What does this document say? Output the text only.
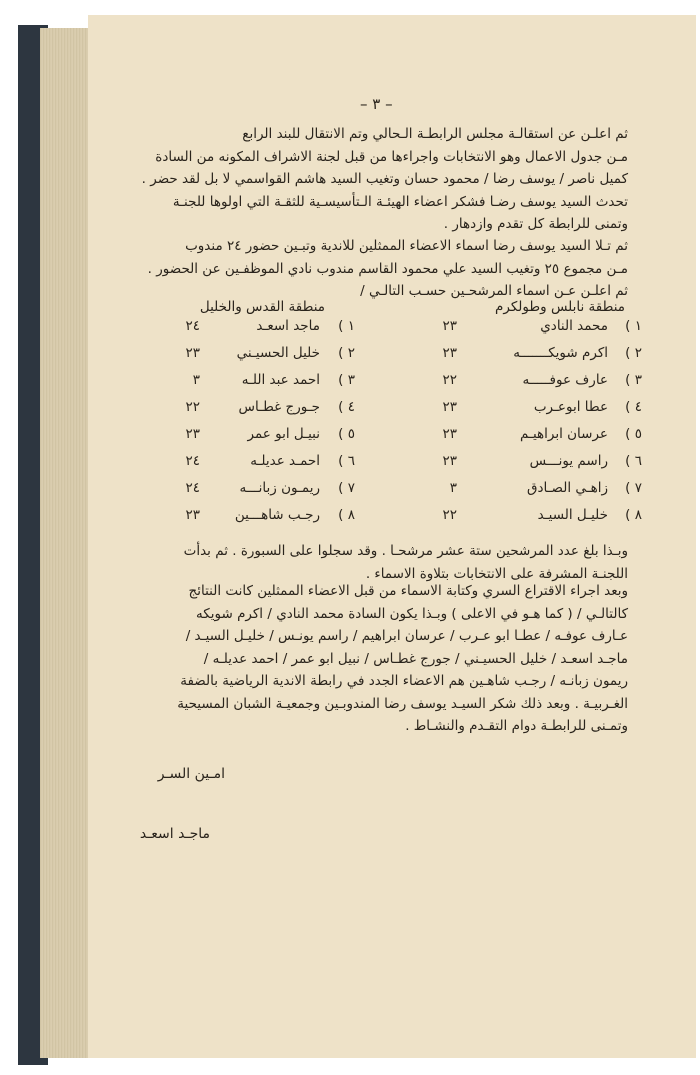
– ٣ –
ثم اعلـن عن استقالـة مجلس الرابطـة الـحالي وتم الانتقال للبند الرابع
مـن جدول الاعمال وهو الانتخابات واجراءها من قبل لجنة الاشراف المكونه من السادة
كميل ناصر / يوسف رضا / محمود حسان وتغيب السيد هاشم القواسمي لا بل لقد حضر .
تحدث السيد يوسف رضـا فشكر اعضاء الهيئـة الـتأسيسـية للثقـة التي اولوها للجنـة
وتمنى للرابطة كل تقدم وازدهار .
ثم تـلا السيد يوسف رضا اسماء الاعضاء الممثلين للاندية وتبـين حضور ٢٤ مندوب
مـن مجموع ٢٥ وتغيب السيد علي محمود القاسم مندوب نادي الموظفـين عن الحضور .
ثم اعلـن عـن اسماء المرشحـين حسـب التالـي /
منطقة نابلس وطولكرم
منطقة القدس والخليل
١ )
محمد النادي
٢٣
١ )
ماجد اسعـد
٢٤
٢ )
اكرم شويكـــــــه
٢٣
٢ )
خليل الحسيـني
٢٣
٣ )
عارف عوفـــــه
٢٢
٣ )
احمد عبد اللـه
٣
٤ )
عطا ابوعـرب
٢٣
٤ )
جـورج غطـاس
٢٢
٥ )
عرسان ابراهيـم
٢٣
٥ )
نبيـل ابو عمر
٢٣
٦ )
راسم يونـــس
٢٣
٦ )
احمـد عديلـه
٢٤
٧ )
زاهـي الصـادق
٣
٧ )
ريمـون زبانـــه
٢٤
٨ )
خليـل السيـد
٢٢
٨ )
رجـب شاهـــين
٢٣
وبـذا بلغ عدد المرشحين ستة عشر مرشحـا . وقد سجلوا على السبورة . ثم بدأت
اللجنـة المشرفة على الانتخابات بتلاوة الاسماء .
وبعد اجراء الاقتراع السري وكتابة الاسماء من قبل الاعضاء الممثلين كانت النتائج
كالتالـي / ( كما هـو في الاعلى ) وبـذا يكون السادة محمد النادي / اكرم شويكه
عـارف عوفـه / عطـا ابو عـرب / عرسان ابراهيم / راسم يونـس / خليـل السيـد /
ماجـد اسعـد / خليل الحسيـني / جورج غطـاس / نبيل ابو عمر / احمد عديلـه /
ريمون زبانـه / رجـب شاهـين هم الاعضاء الجدد في رابطة الاندية الرياضية بالضفة
الغـربيـة . وبعد ذلك شكر السيـد يوسف رضا المندوبـين وجمعيـة الشبان المسيحية
وتمـنى للرابطـة دوام التقـدم والنشـاط .
امـين السـر
ماجـد اسعـد
